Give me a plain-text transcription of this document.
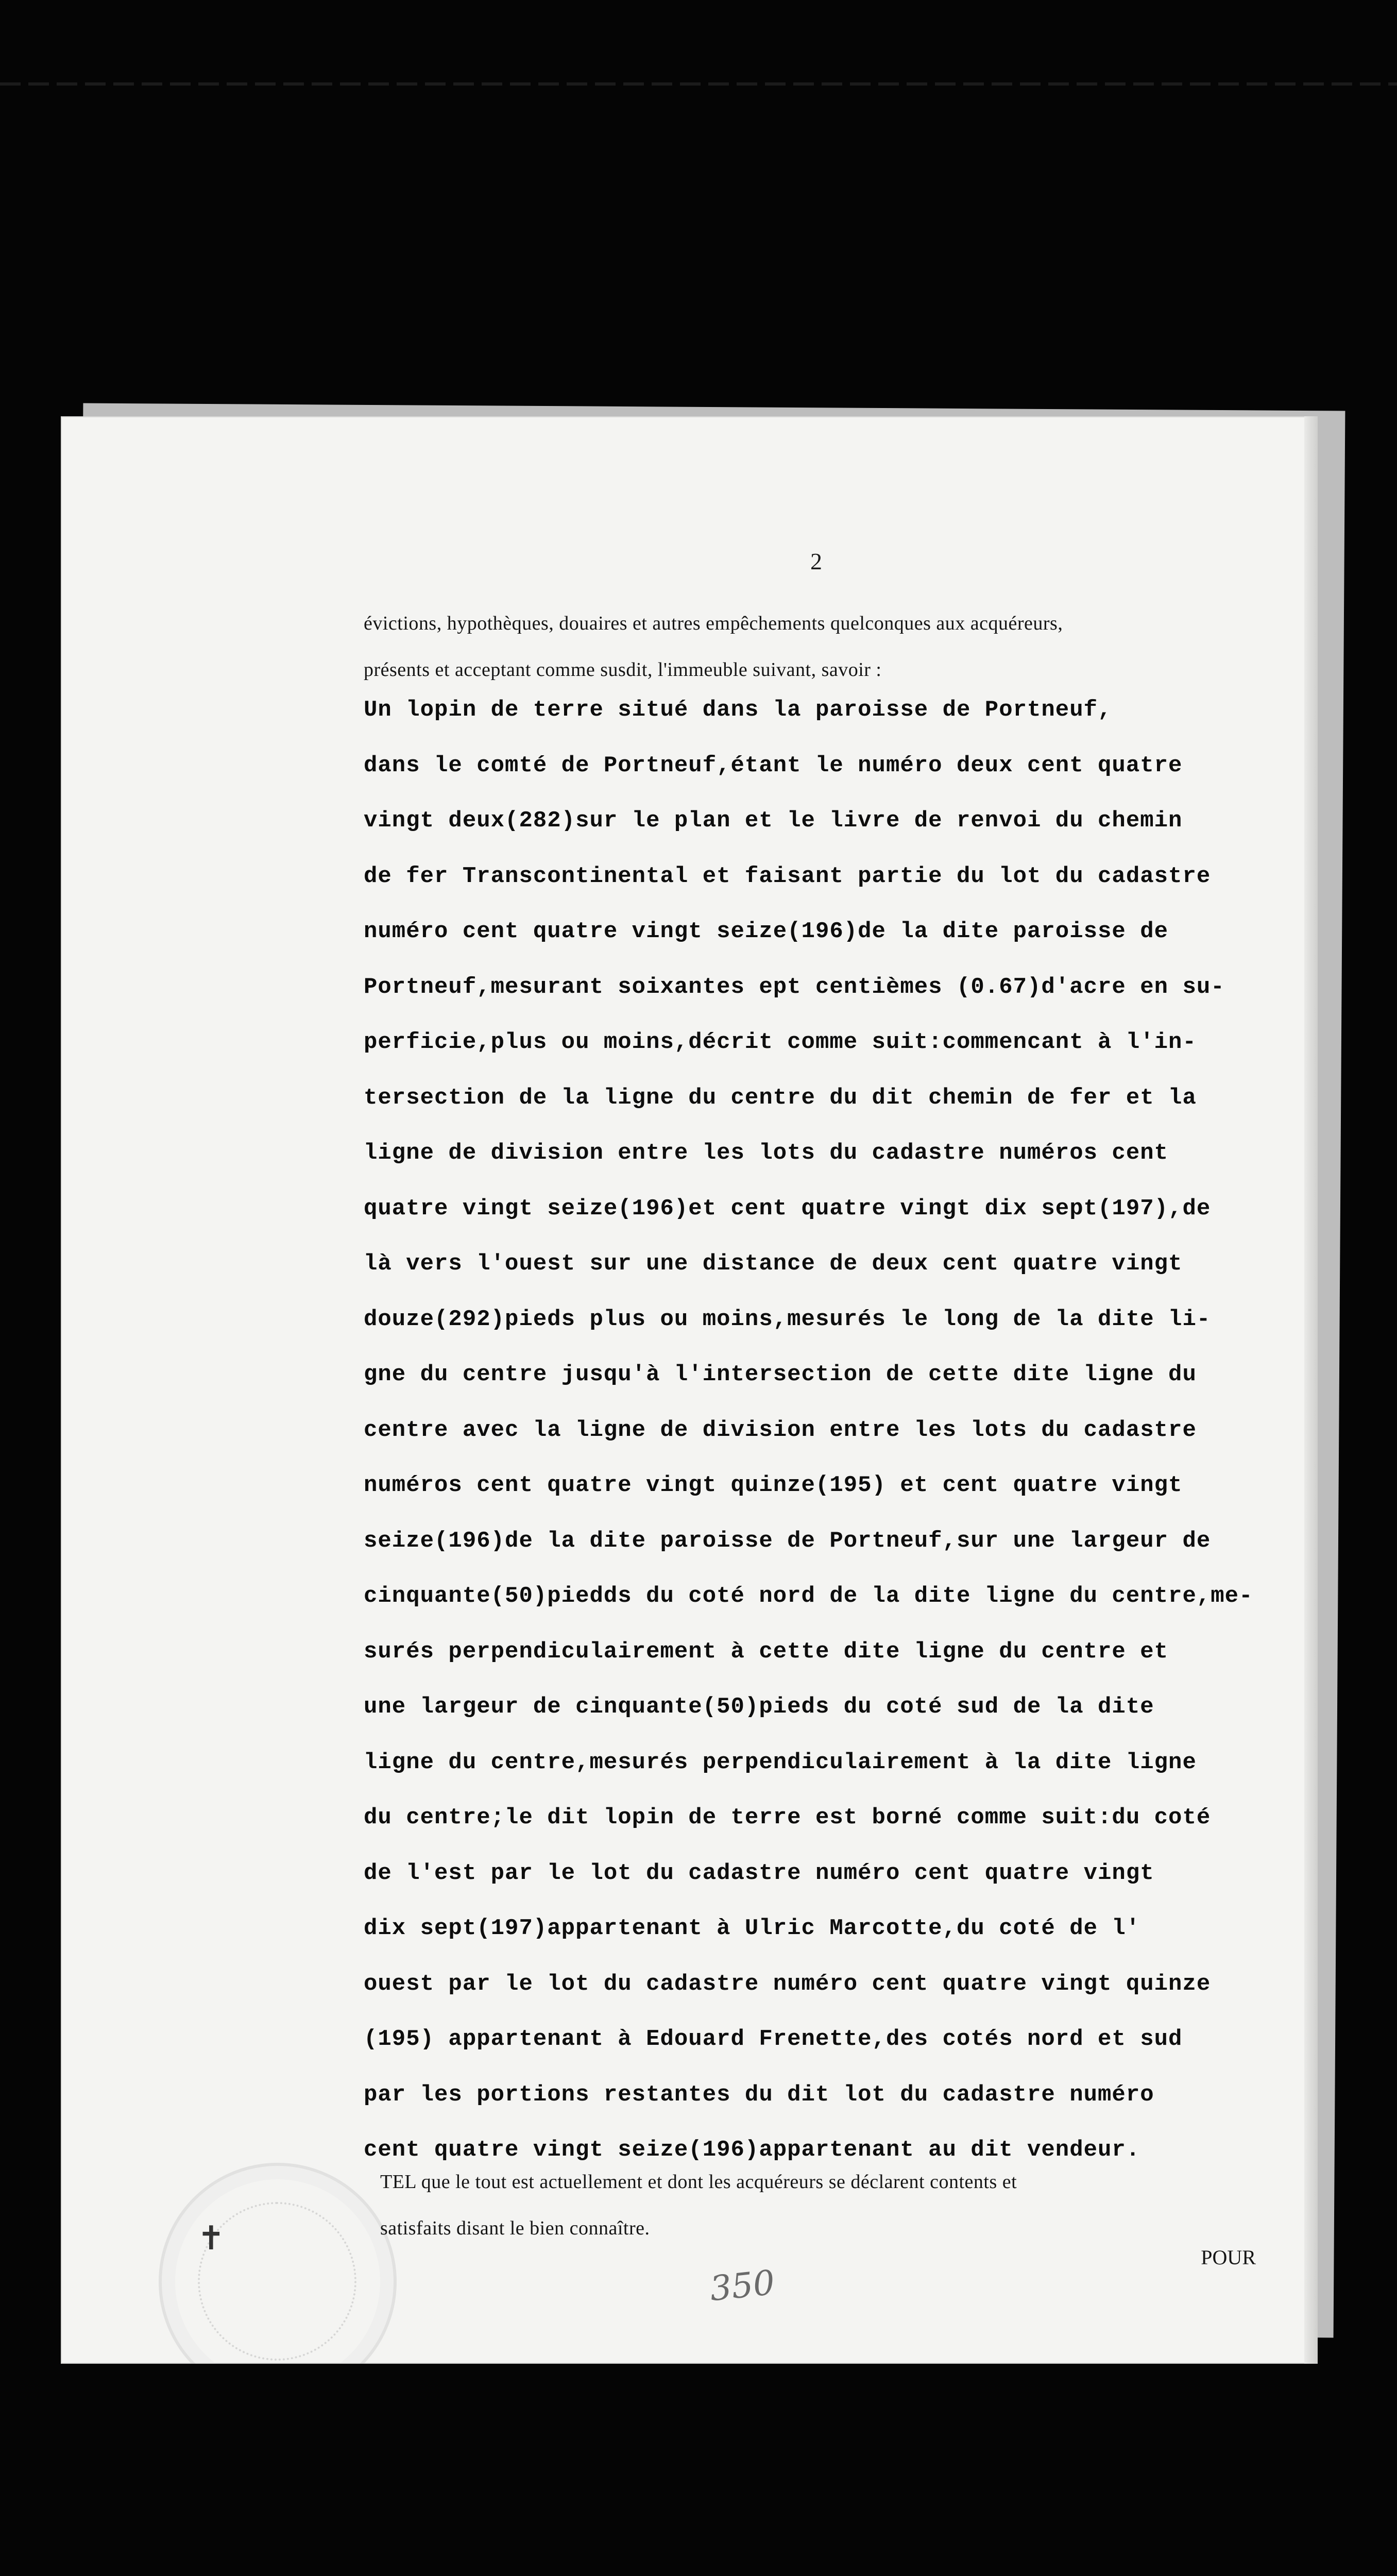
2
évictions, hypothèques, douaires et autres empêchements quelconques aux acquéreurs,
présents et acceptant comme susdit, l'immeuble suivant, savoir :
Un lopin de terre situé dans la paroisse de Portneuf,
dans le comté de Portneuf,étant le numéro deux cent quatre
vingt deux(282)sur le plan et le livre de renvoi du chemin
de fer Transcontinental et faisant partie du lot du cadastre
numéro cent quatre vingt seize(196)de la dite paroisse de
Portneuf,mesurant soixantes ept centièmes (0.67)d'acre en su-
perficie,plus ou moins,décrit comme suit:commencant à l'in-
tersection de la ligne du centre du dit chemin de fer et la
ligne de division entre les lots du cadastre numéros cent
quatre vingt seize(196)et cent quatre vingt dix sept(197),de
là vers l'ouest sur une distance de deux cent quatre vingt
douze(292)pieds plus ou moins,mesurés le long de la dite li-
gne du centre jusqu'à l'intersection de cette dite ligne du
centre avec la ligne de division entre les lots du cadastre
numéros cent quatre vingt quinze(195) et cent quatre vingt
seize(196)de la dite paroisse de Portneuf,sur une largeur de
cinquante(50)piedds du coté nord de la dite ligne du centre,me-
surés perpendiculairement à cette dite ligne du centre et
une largeur de cinquante(50)pieds du coté sud de la dite
ligne du centre,mesurés perpendiculairement à la dite ligne
du centre;le dit lopin de terre est borné comme suit:du coté
de l'est par le lot du cadastre numéro cent quatre vingt
dix sept(197)appartenant à Ulric Marcotte,du coté de l'
ouest par le lot du cadastre numéro cent quatre vingt quinze
(195) appartenant à Edouard Frenette,des cotés nord et sud
par les portions restantes du dit lot du cadastre numéro
cent quatre vingt seize(196)appartenant au dit vendeur.
TEL que le tout est actuellement et dont les acquéreurs se déclarent contents et
satisfaits disant le bien connaître.
POUR
✝
350
